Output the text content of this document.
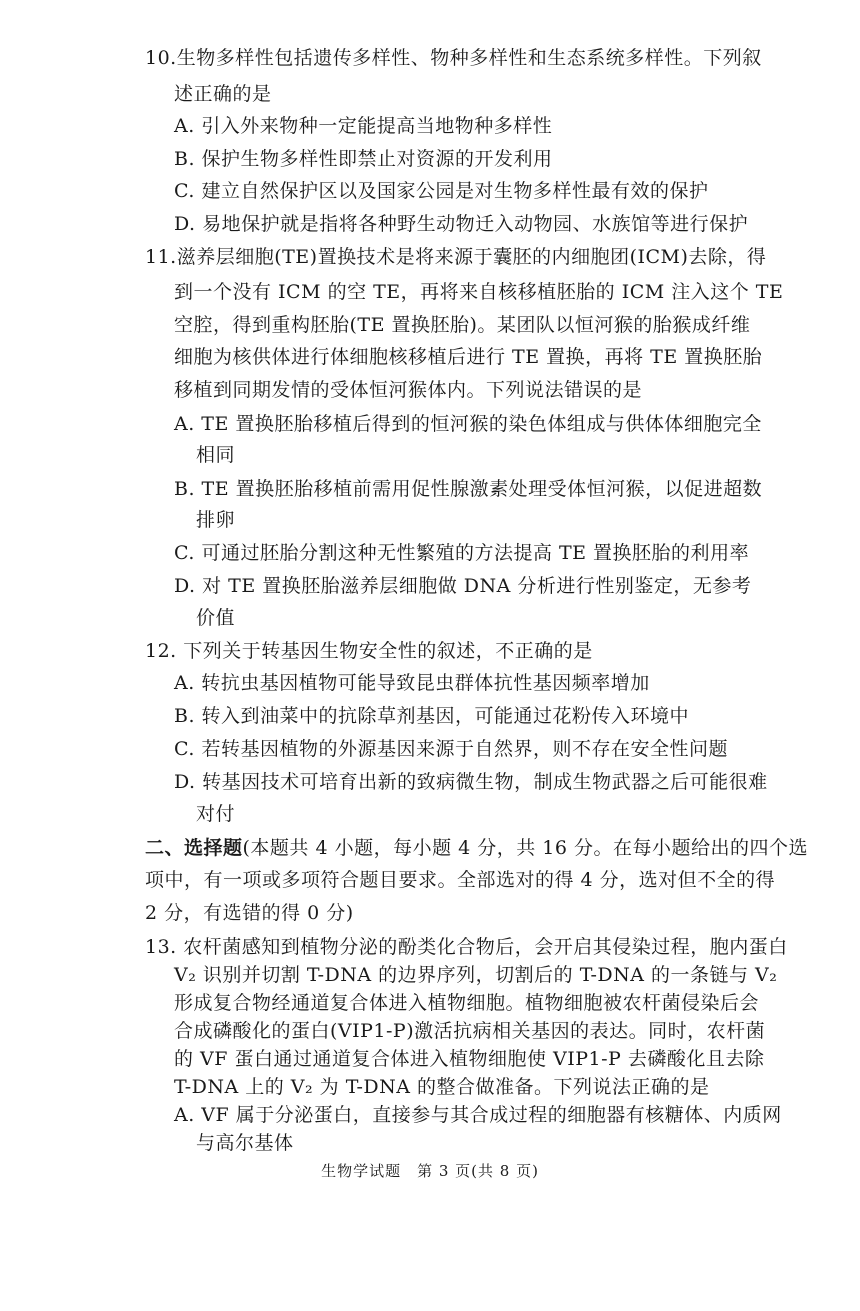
10.生物多样性包括遗传多样性、物种多样性和生态系统多样性。下列叙
述正确的是
A. 引入外来物种一定能提高当地物种多样性
B. 保护生物多样性即禁止对资源的开发利用
C. 建立自然保护区以及国家公园是对生物多样性最有效的保护
D. 易地保护就是指将各种野生动物迁入动物园、水族馆等进行保护
11.滋养层细胞(TE)置换技术是将来源于囊胚的内细胞团(ICM)去除，得
到一个没有 ICM 的空 TE，再将来自核移植胚胎的 ICM 注入这个 TE
空腔，得到重构胚胎(TE 置换胚胎)。某团队以恒河猴的胎猴成纤维
细胞为核供体进行体细胞核移植后进行 TE 置换，再将 TE 置换胚胎
移植到同期发情的受体恒河猴体内。下列说法错误的是
A. TE 置换胚胎移植后得到的恒河猴的染色体组成与供体体细胞完全
相同
B. TE 置换胚胎移植前需用促性腺激素处理受体恒河猴，以促进超数
排卵
C. 可通过胚胎分割这种无性繁殖的方法提高 TE 置换胚胎的利用率
D. 对 TE 置换胚胎滋养层细胞做 DNA 分析进行性别鉴定，无参考
价值
12. 下列关于转基因生物安全性的叙述，不正确的是
A. 转抗虫基因植物可能导致昆虫群体抗性基因频率增加
B. 转入到油菜中的抗除草剂基因，可能通过花粉传入环境中
C. 若转基因植物的外源基因来源于自然界，则不存在安全性问题
D. 转基因技术可培育出新的致病微生物，制成生物武器之后可能很难
对付
二、选择题(本题共 4 小题，每小题 4 分，共 16 分。在每小题给出的四个选
项中，有一项或多项符合题目要求。全部选对的得 4 分，选对但不全的得
2 分，有选错的得 0 分)
13. 农杆菌感知到植物分泌的酚类化合物后，会开启其侵染过程，胞内蛋白
V₂ 识别并切割 T-DNA 的边界序列，切割后的 T-DNA 的一条链与 V₂
形成复合物经通道复合体进入植物细胞。植物细胞被农杆菌侵染后会
合成磷酸化的蛋白(VIP1-P)激活抗病相关基因的表达。同时，农杆菌
的 VF 蛋白通过通道复合体进入植物细胞使 VIP1-P 去磷酸化且去除
T-DNA 上的 V₂ 为 T-DNA 的整合做准备。下列说法正确的是
A. VF 属于分泌蛋白，直接参与其合成过程的细胞器有核糖体、内质网
生物学试题　第 3 页(共 8 页)
与高尔基体
